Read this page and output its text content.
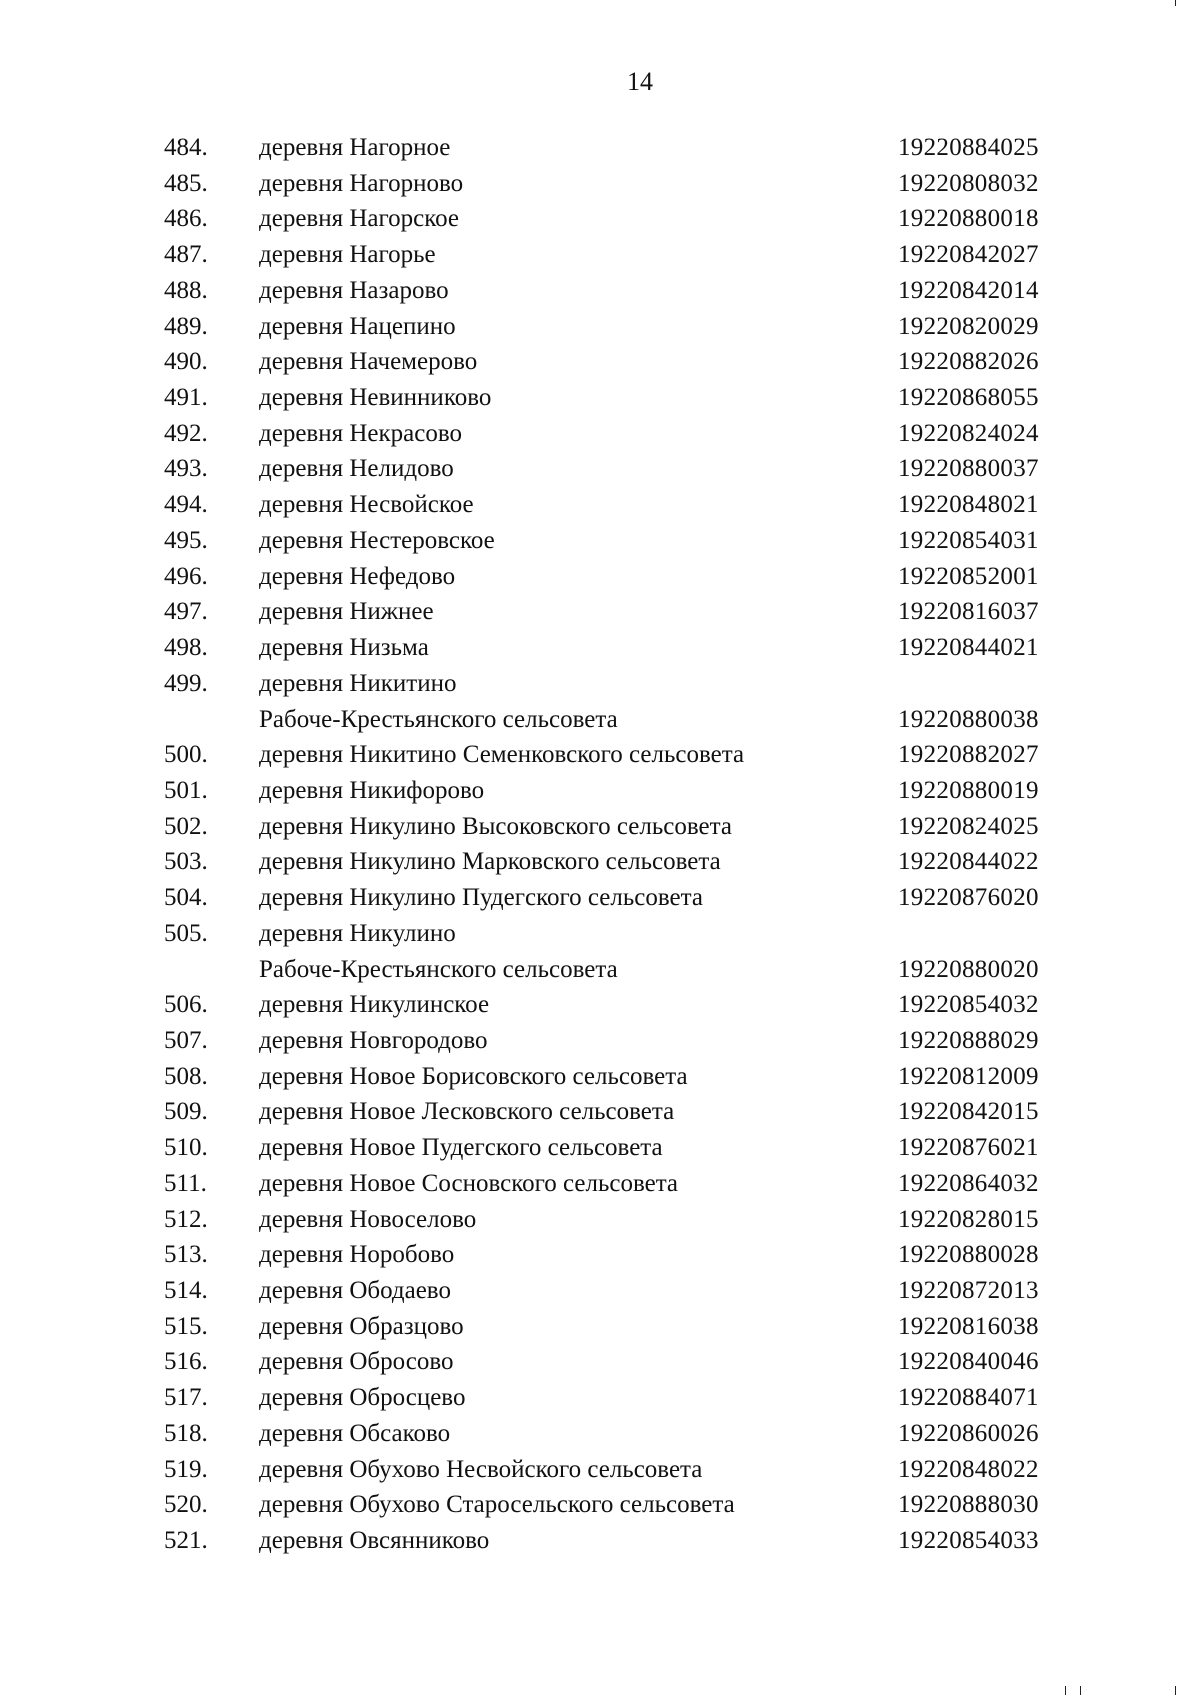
14
484.	деревня Нагорное	19220884025
485.	деревня Нагорново	19220808032
486.	деревня Нагорское	19220880018
487.	деревня Нагорье	19220842027
488.	деревня Назарово	19220842014
489.	деревня Нацепино	19220820029
490.	деревня Начемерово	19220882026
491.	деревня Невинниково	19220868055
492.	деревня Некрасово	19220824024
493.	деревня Нелидово	19220880037
494.	деревня Несвойское	19220848021
495.	деревня Нестеровское	19220854031
496.	деревня Нефедово	19220852001
497.	деревня Нижнее	19220816037
498.	деревня Низьма	19220844021
499.	деревня Никитино
Рабоче-Крестьянского сельсовета	19220880038
500.	деревня Никитино Семенковского сельсовета	19220882027
501.	деревня Никифорово	19220880019
502.	деревня Никулино Высоковского сельсовета	19220824025
503.	деревня Никулино Марковского сельсовета	19220844022
504.	деревня Никулино Пудегского сельсовета	19220876020
505.	деревня Никулино
Рабоче-Крестьянского сельсовета	19220880020
506.	деревня Никулинское	19220854032
507.	деревня Новгородово	19220888029
508.	деревня Новое Борисовского сельсовета	19220812009
509.	деревня Новое Лесковского сельсовета	19220842015
510.	деревня Новое Пудегского сельсовета	19220876021
511.	деревня Новое Сосновского сельсовета	19220864032
512.	деревня Новоселово	19220828015
513.	деревня Норобово	19220880028
514.	деревня Ободаево	19220872013
515.	деревня Образцово	19220816038
516.	деревня Обросово	19220840046
517.	деревня Обросцево	19220884071
518.	деревня Обсаково	19220860026
519.	деревня Обухово Несвойского сельсовета	19220848022
520.	деревня Обухово Старосельского сельсовета	19220888030
521.	деревня Овсянниково	19220854033
